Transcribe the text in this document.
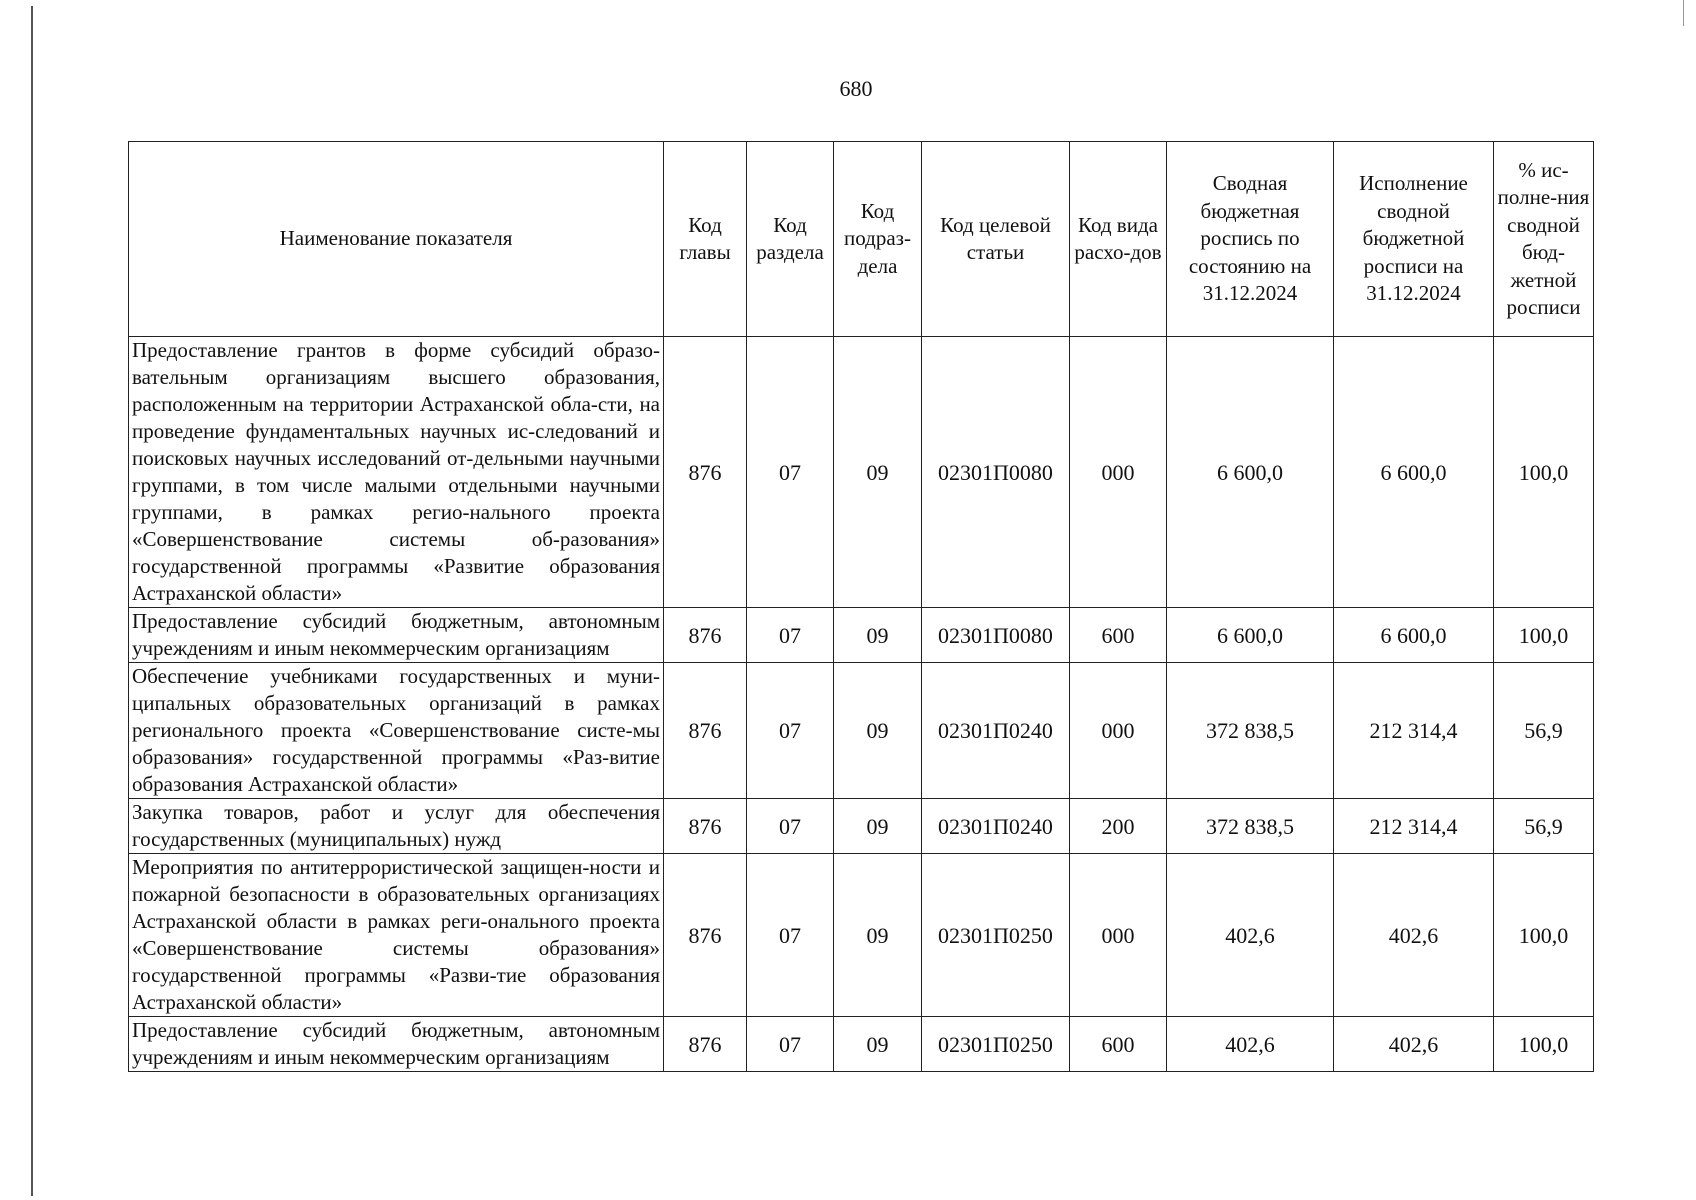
680
Наименование показателя	Код главы	Код раздела	Код подраз-дела	Код целевой статьи	Код вида расхо-дов	Сводная бюджетная роспись по состоянию на 31.12.2024	Исполнение сводной бюджетной росписи на 31.12.2024	% ис-полне-ния сводной бюд-жетной росписи
Предоставление грантов в форме субсидий образо-вательным организациям высшего образования, расположенным на территории Астраханской обла-сти, на проведение фундаментальных научных ис-следований и поисковых научных исследований от-дельными научными группами, в том числе малыми отдельными научными группами, в рамках регио-нального проекта «Совершенствование системы об-разования» государственной программы «Развитие образования Астраханской области»	876	07	09	02301П0080	000	6 600,0	6 600,0	100,0
Предоставление субсидий бюджетным, автономным учреждениям и иным некоммерческим организациям	876	07	09	02301П0080	600	6 600,0	6 600,0	100,0
Обеспечение учебниками государственных и муни-ципальных образовательных организаций в рамках регионального проекта «Совершенствование систе-мы образования» государственной программы «Раз-витие образования Астраханской области»	876	07	09	02301П0240	000	372 838,5	212 314,4	56,9
Закупка товаров, работ и услуг для обеспечения государственных (муниципальных) нужд	876	07	09	02301П0240	200	372 838,5	212 314,4	56,9
Мероприятия по антитеррористической защищен-ности и пожарной безопасности в образовательных организациях Астраханской области в рамках реги-онального проекта «Совершенствование системы образования» государственной программы «Разви-тие образования Астраханской области»	876	07	09	02301П0250	000	402,6	402,6	100,0
Предоставление субсидий бюджетным, автономным учреждениям и иным некоммерческим организациям	876	07	09	02301П0250	600	402,6	402,6	100,0
